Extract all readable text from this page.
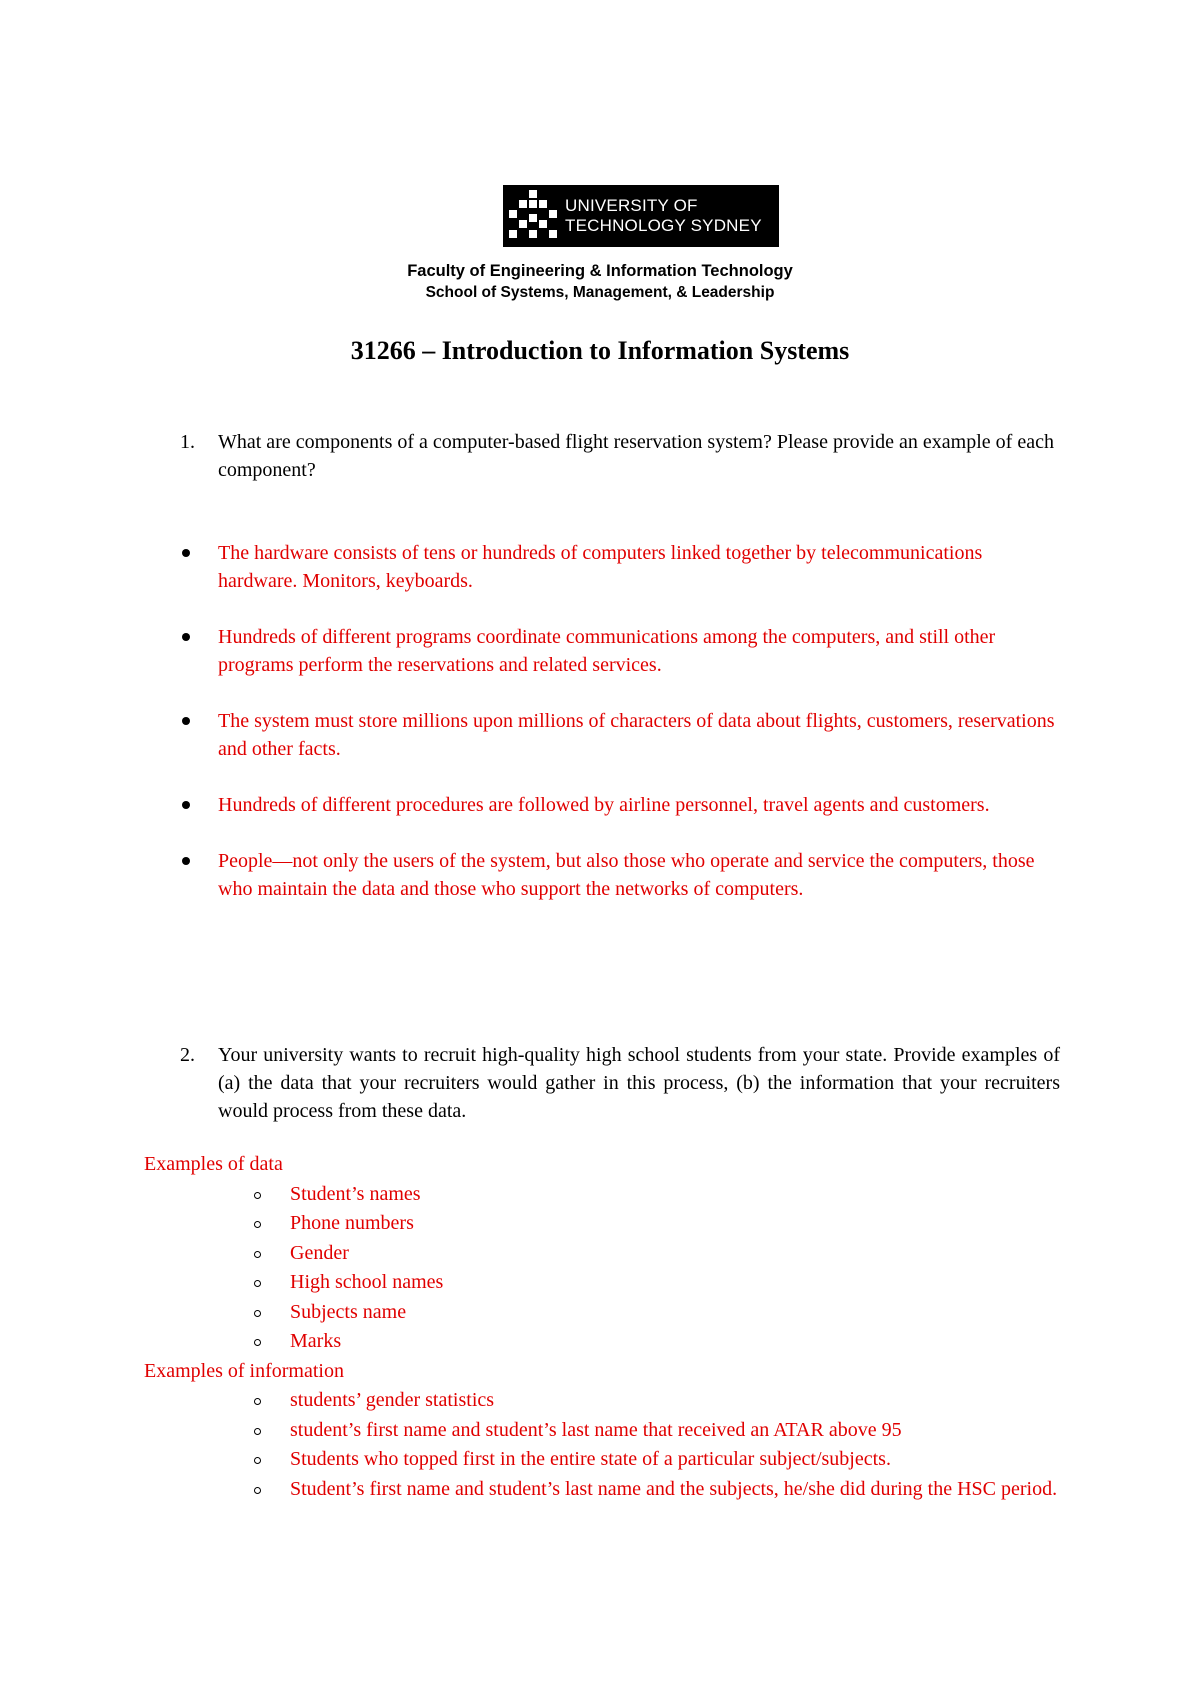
UNIVERSITY OF
TECHNOLOGY SYDNEY
Faculty of Engineering & Information Technology
School of Systems, Management, & Leadership
31266 – Introduction to Information Systems
1. What are components of a computer-based flight reservation system? Please provide an example of each component?
The hardware consists of tens or hundreds of computers linked together by telecommunications hardware. Monitors, keyboards.
Hundreds of different programs coordinate communications among the computers, and still other programs perform the reservations and related services.
The system must store millions upon millions of characters of data about flights, customers, reservations and other facts.
Hundreds of different procedures are followed by airline personnel, travel agents and customers.
People—not only the users of the system, but also those who operate and service the computers, those who maintain the data and those who support the networks of computers.
2. Your university wants to recruit high-quality high school students from your state. Provide examples of (a) the data that your recruiters would gather in this process, (b) the information that your recruiters would process from these data.
Examples of data
Student’s names
Phone numbers
Gender
High school names
Subjects name
Marks
Examples of information
students’ gender statistics
student’s first name and student’s last name that received an ATAR above 95
Students who topped first in the entire state of a particular subject/subjects.
Student’s first name and student’s last name and the subjects, he/she did during the HSC period.
